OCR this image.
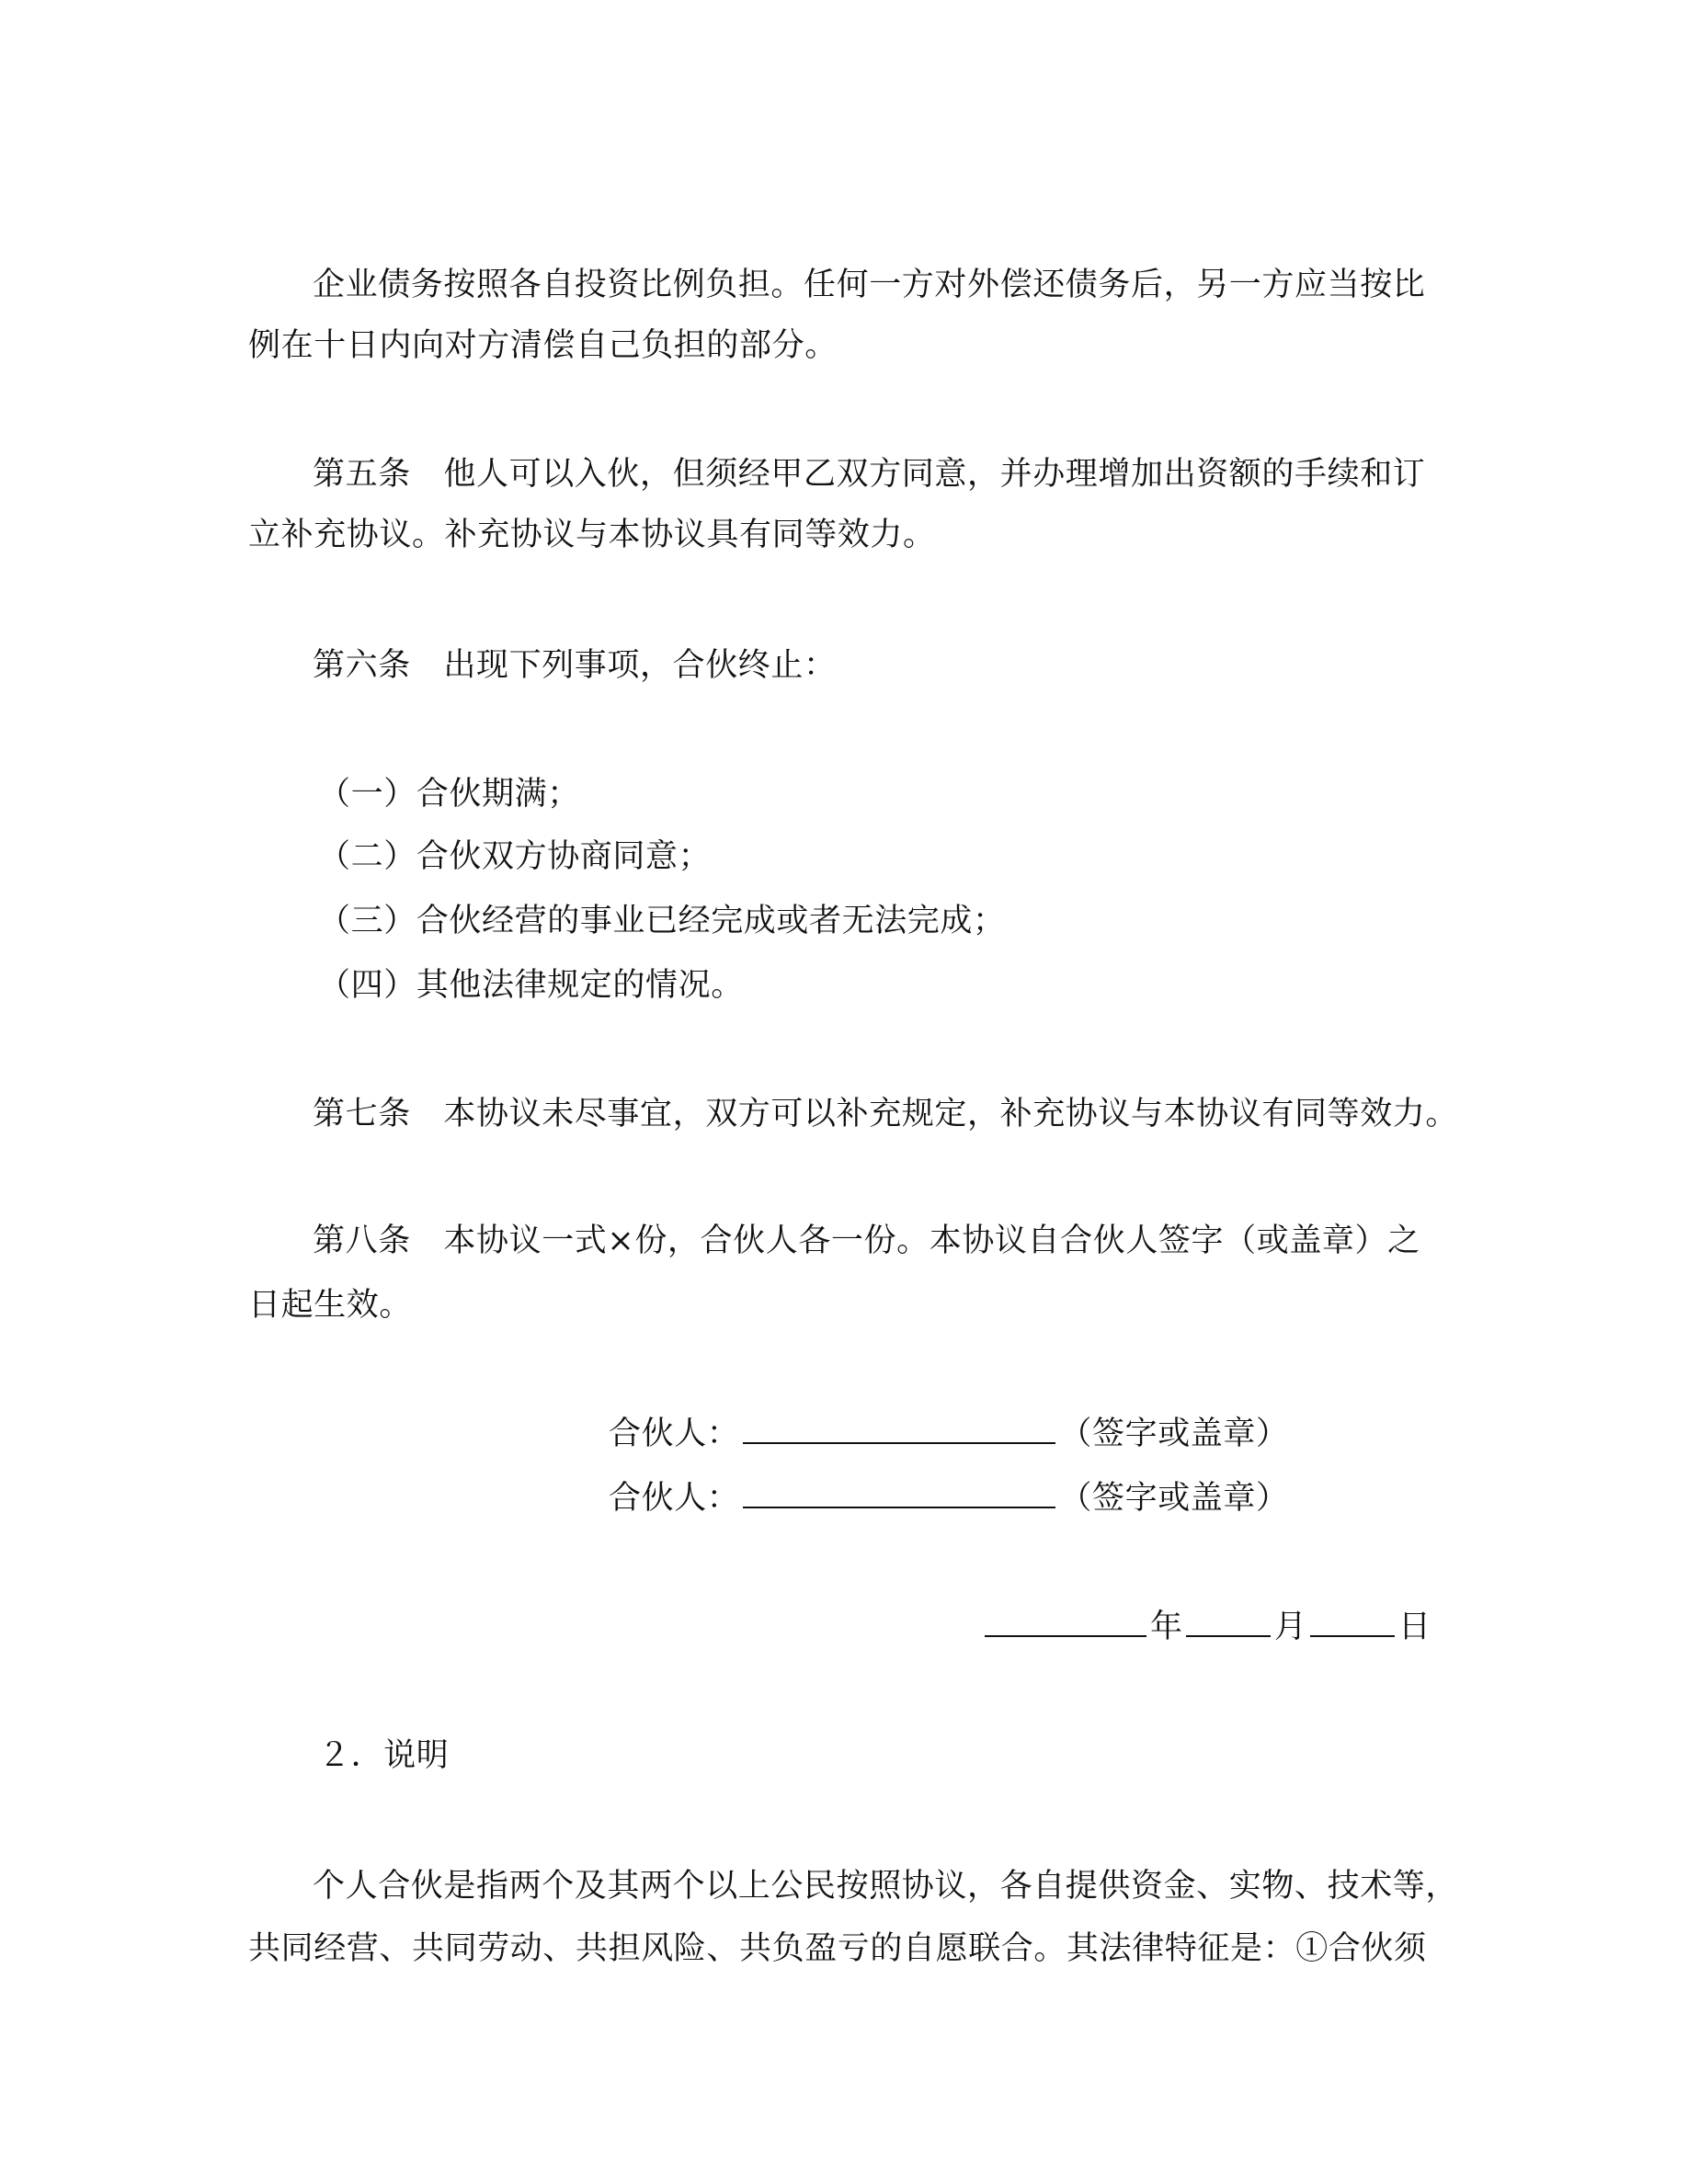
企业债务按照各自投资比例负担。任何一方对外偿还债务后，另一方应当按比
例在十日内向对方清偿自己负担的部分。
第五条　他人可以入伙，但须经甲乙双方同意，并办理增加出资额的手续和订
立补充协议。补充协议与本协议具有同等效力。
第六条　出现下列事项，合伙终止：
（一）合伙期满；
（二）合伙双方协商同意；
（三）合伙经营的事业已经完成或者无法完成；
（四）其他法律规定的情况。
第七条　本协议未尽事宜，双方可以补充规定，补充协议与本协议有同等效力。
第八条　本协议一式×份，合伙人各一份。本协议自合伙人签字（或盖章）之
日起生效。
合伙人：	（签字或盖章）
合伙人：	（签字或盖章）
年	月	日
２．说明
个人合伙是指两个及其两个以上公民按照协议，各自提供资金、实物、技术等，
共同经营、共同劳动、共担风险、共负盈亏的自愿联合。其法律特征是：①合伙须
